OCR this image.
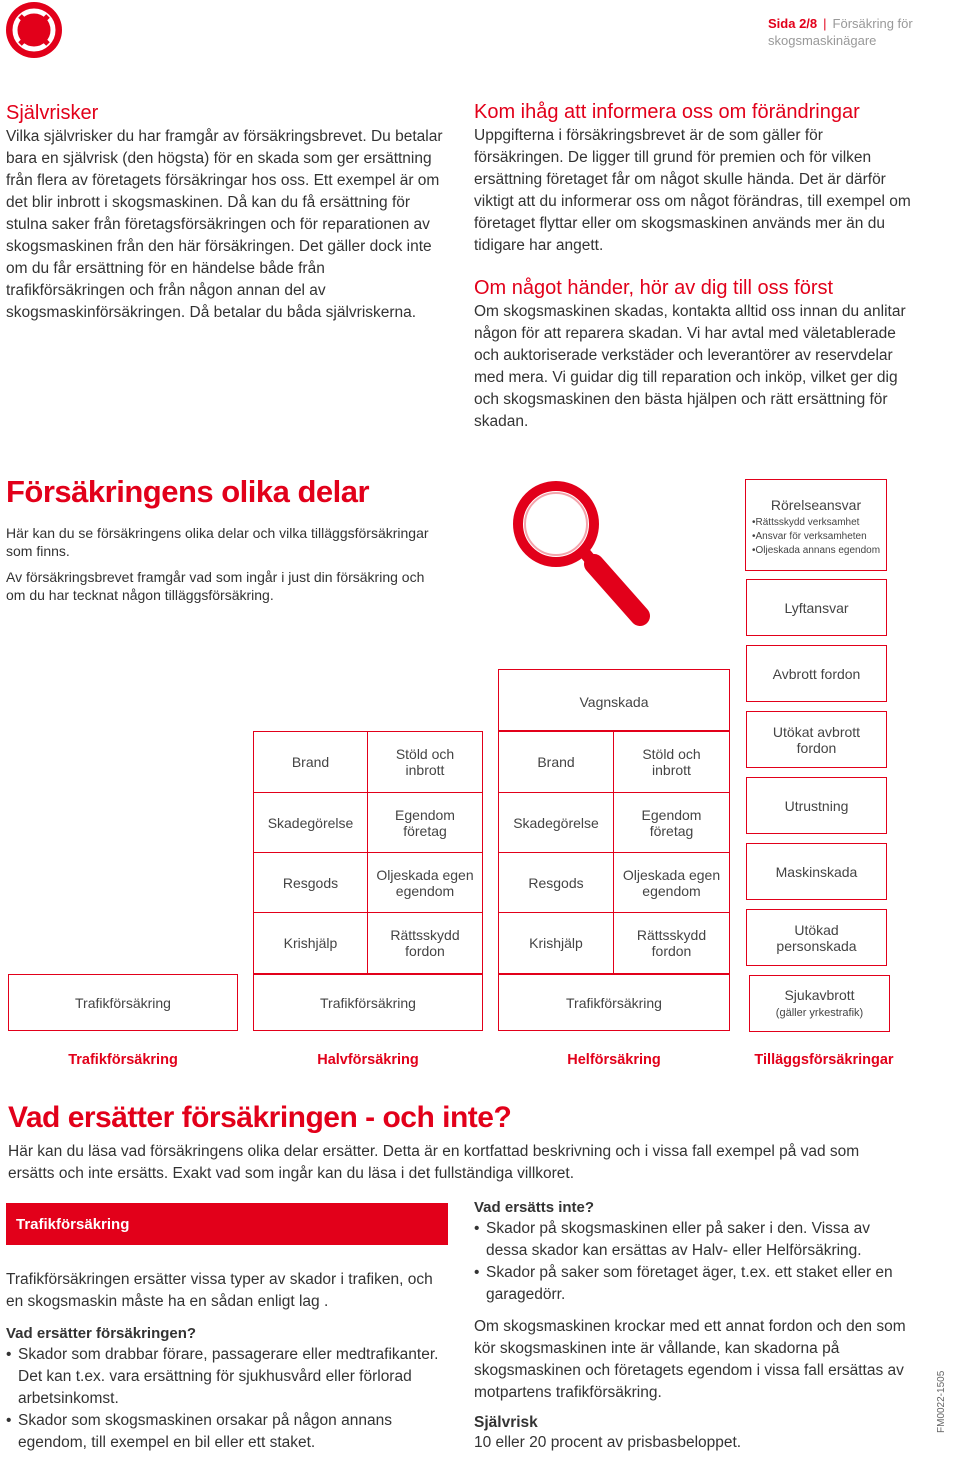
Sida 2/8 | Försäkring för
skogsmaskinägare
Självrisker

Vilka självrisker du har framgår av försäkringsbrevet. Du betalar bara en självrisk (den högsta) för en skada som ger ersättning från flera av företagets försäkringar hos oss. Ett exempel är om det blir inbrott i skogsmaskinen. Då kan du få ersättning för stulna saker från företagsförsäkringen och för reparationen av skogsmaskinen från den här försäkringen. Det gäller dock inte om du får ersättning för en händelse både från trafikförsäkringen och från någon annan del av skogsmaskinförsäkringen. Då betalar du båda självriskerna.

Kom ihåg att informera oss om förändringar

Uppgifterna i försäkringsbrevet är de som gäller för försäkringen. De ligger till grund för premien och för vilken ersättning företaget får om något skulle hända. Det är därför viktigt att du informerar oss om något förändras, till exempel om företaget flyttar eller om skogsmaskinen används mer än du tidigare har angett.

Om något händer, hör av dig till oss först

Om skogsmaskinen skadas, kontakta alltid oss innan du anlitar någon för att reparera skadan. Vi har avtal med väletablerade och auktoriserade verkstäder och leverantörer av reservdelar med mera. Vi guidar dig till reparation och inköp, vilket ger dig och skogsmaskinen den bästa hjälpen och rätt ersättning för skadan.

Försäkringens olika delar

Här kan du se försäkringens olika delar och vilka tilläggsförsäkringar som finns.

Av försäkringsbrevet framgår vad som ingår i just din försäkring och om du har tecknat någon tilläggsförsäkring.

Trafikförsäkring
Brand	Stöld och inbrott
Skadegörelse	Egendom företag
Resgods	Oljeskada egen egendom
Krishjälp	Rättsskydd fordon
Trafikförsäkring
Vagnskada
Brand	Stöld och inbrott
Skadegörelse	Egendom företag
Resgods	Oljeskada egen egendom
Krishjälp	Rättsskydd fordon
Trafikförsäkring
Rörelseansvar
•Rättsskydd verksamhet
•Ansvar för verksamheten
•Oljeskada annans egendom
Lyftansvar
Avbrott fordon
Utökat avbrott fordon
Utrustning
Maskinskada
Utökad personskada
Sjukavbrott
(gäller yrkestrafik)
Trafikförsäkring	Halvförsäkring	Helförsäkring	Tilläggsförsäkringar
Vad ersätter försäkringen - och inte?

Här kan du läsa vad försäkringens olika delar ersätter. Detta är en kortfattad beskrivning och i vissa fall exempel på vad som ersätts och inte ersätts. Exakt vad som ingår kan du läsa i det fullständiga villkoret.

Trafikförsäkring

Trafikförsäkringen ersätter vissa typer av skador i trafiken, och en skogsmaskin måste ha en sådan enligt lag .

Vad ersätter försäkringen?

• Skador som drabbar förare, passagerare eller medtrafikanter. Det kan t.ex. vara ersättning för sjukhusvård eller förlorad arbetsinkomst.
• Skador som skogsmaskinen orsakar på någon annans egendom, till exempel en bil eller ett staket.

Vad ersätts inte?

• Skador på skogsmaskinen eller på saker i den. Vissa av dessa skador kan ersättas av Halv- eller Helförsäkring.
• Skador på saker som företaget äger, t.ex. ett staket eller en garagedörr.

Om skogsmaskinen krockar med ett annat fordon och den som kör skogsmaskinen inte är vållande, kan skadorna på skogsmaskinen och företagets egendom i vissa fall ersättas av motpartens trafikförsäkring.

Självrisk

10 eller 20 procent av prisbasbeloppet.

FM0022-1505
